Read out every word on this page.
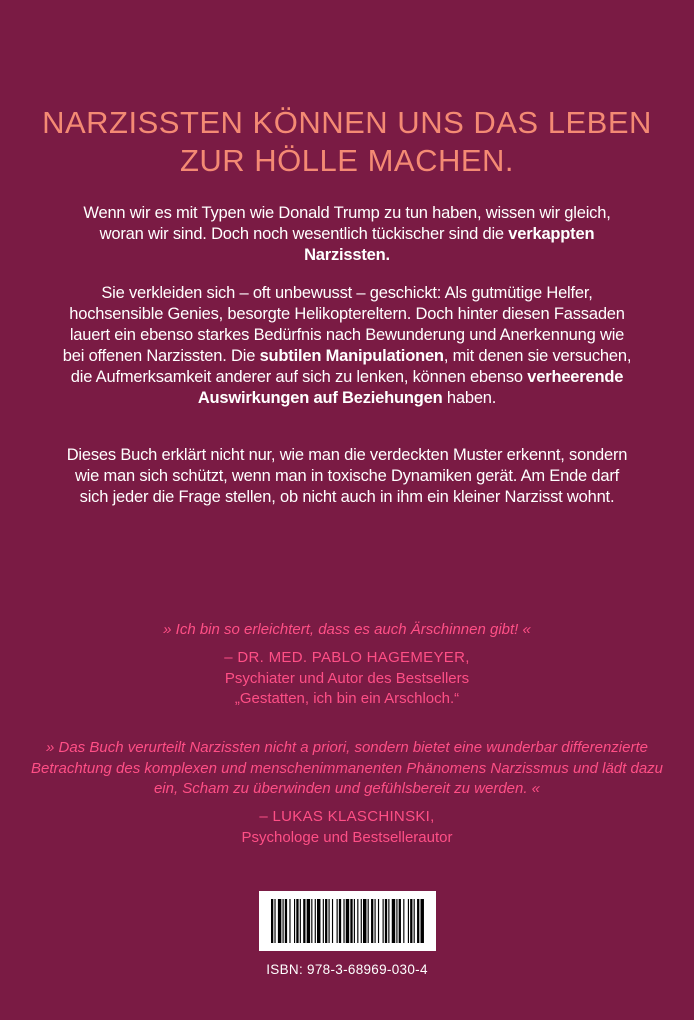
NARZISSTEN KÖNNEN UNS DAS LEBEN
ZUR HÖLLE MACHEN.

Wenn wir es mit Typen wie Donald Trump zu tun haben, wissen wir gleich, woran wir sind. Doch noch wesentlich tückischer sind die verkappten Narzissten.

Sie verkleiden sich – oft unbewusst – geschickt: Als gutmütige Helfer, hochsensible Genies, besorgte Helikoptereltern. Doch hinter diesen Fassaden lauert ein ebenso starkes Bedürfnis nach Bewunderung und Anerkennung wie bei offenen Narzissten. Die subtilen Manipulationen, mit denen sie versuchen, die Aufmerksamkeit anderer auf sich zu lenken, können ebenso verheerende Auswirkungen auf Beziehungen haben.

Dieses Buch erklärt nicht nur, wie man die verdeckten Muster erkennt, sondern wie man sich schützt, wenn man in toxische Dynamiken gerät. Am Ende darf sich jeder die Frage stellen, ob nicht auch in ihm ein kleiner Narzisst wohnt.

» Ich bin so erleichtert, dass es auch Ärschinnen gibt! «

– DR. MED. PABLO HAGEMEYER,
Psychiater und Autor des Bestsellers
„Gestatten, ich bin ein Arschloch.“

» Das Buch verurteilt Narzissten nicht a priori, sondern bietet eine wunderbar differenzierte Betrachtung des komplexen und menschenimmanenten Phänomens Narzissmus und lädt dazu ein, Scham zu überwinden und gefühlsbereit zu werden. «

– LUKAS KLASCHINSKI,
Psychologe und Bestsellerautor

ISBN: 978-3-68969-030-4
